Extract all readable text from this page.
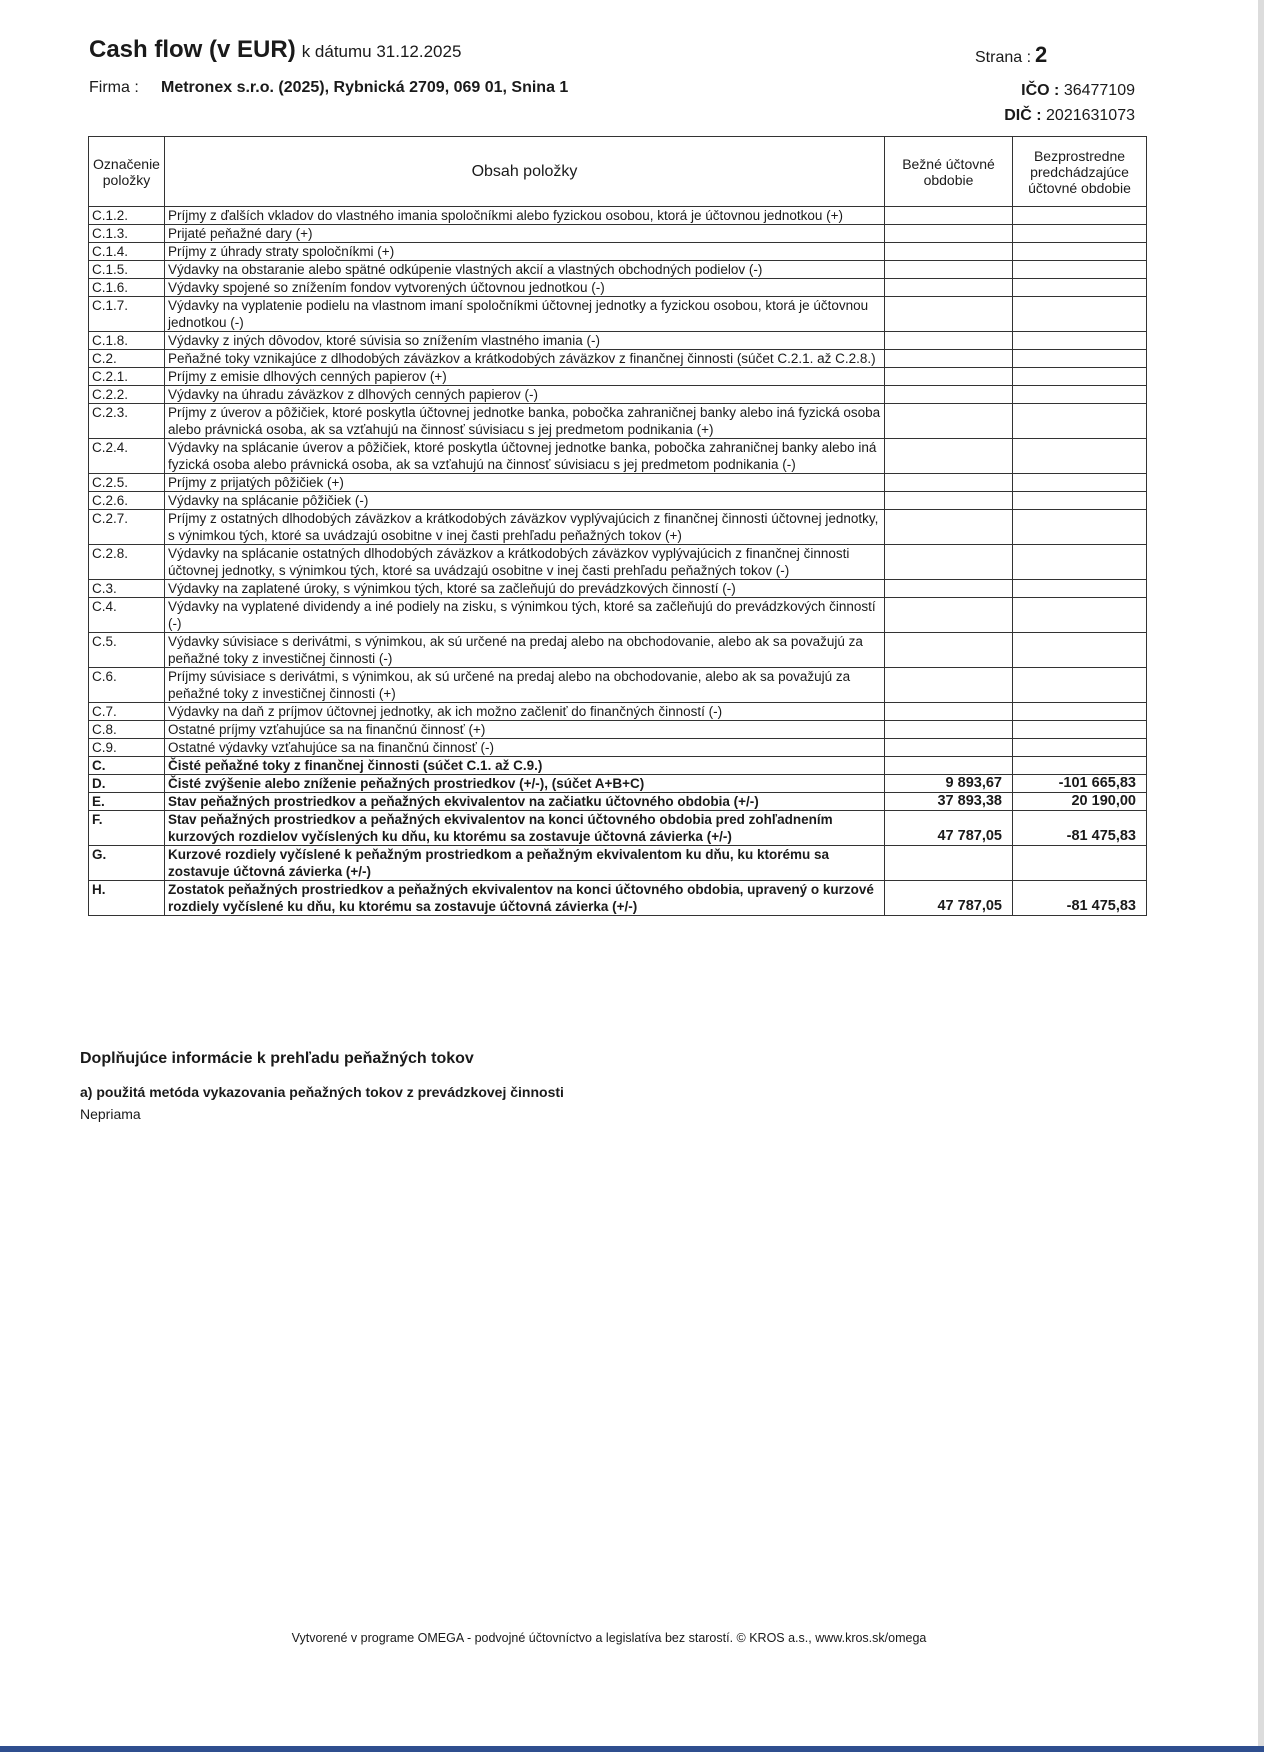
Cash flow (v EUR) k dátumu 31.12.2025
Firma : Metronex s.r.o. (2025), Rybnická 2709, 069 01, Snina 1
Strana : 2
IČO : 36477109
DIČ : 2021631073
Označenie položky	Obsah položky	Bežné účtovné obdobie	Bezprostredne predchádzajúce účtovné obdobie
C.1.2.	Príjmy z ďalších vkladov do vlastného imania spoločníkmi alebo fyzickou osobou, ktorá je účtovnou jednotkou (+)		
C.1.3.	Prijaté peňažné dary (+)		
C.1.4.	Príjmy z úhrady straty spoločníkmi (+)		
C.1.5.	Výdavky na obstaranie alebo spätné odkúpenie vlastných akcií a vlastných obchodných podielov (-)		
C.1.6.	Výdavky spojené so znížením fondov vytvorených účtovnou jednotkou (-)		
C.1.7.	Výdavky na vyplatenie podielu na vlastnom imaní spoločníkmi účtovnej jednotky a fyzickou osobou, ktorá je účtovnou jednotkou (-)		
C.1.8.	Výdavky z iných dôvodov, ktoré súvisia so znížením vlastného imania (-)		
C.2.	Peňažné toky vznikajúce z dlhodobých záväzkov a krátkodobých záväzkov z finančnej činnosti (súčet C.2.1. až C.2.8.)		
C.2.1.	Príjmy z emisie dlhových cenných papierov (+)		
C.2.2.	Výdavky na úhradu záväzkov z dlhových cenných papierov (-)		
C.2.3.	Príjmy z úverov a pôžičiek, ktoré poskytla účtovnej jednotke banka, pobočka zahraničnej banky alebo iná fyzická osoba alebo právnická osoba, ak sa vzťahujú na činnosť súvisiacu s jej predmetom podnikania (+)		
C.2.4.	Výdavky na splácanie úverov a pôžičiek, ktoré poskytla účtovnej jednotke banka, pobočka zahraničnej banky alebo iná fyzická osoba alebo právnická osoba, ak sa vzťahujú na činnosť súvisiacu s jej predmetom podnikania (-)		
C.2.5.	Príjmy z prijatých pôžičiek (+)		
C.2.6.	Výdavky na splácanie pôžičiek (-)		
C.2.7.	Príjmy z ostatných dlhodobých záväzkov a krátkodobých záväzkov vyplývajúcich z finančnej činnosti účtovnej jednotky, s výnimkou tých, ktoré sa uvádzajú osobitne v inej časti prehľadu peňažných tokov (+)		
C.2.8.	Výdavky na splácanie ostatných dlhodobých záväzkov a krátkodobých záväzkov vyplývajúcich z finančnej činnosti účtovnej jednotky, s výnimkou tých, ktoré sa uvádzajú osobitne v inej časti prehľadu peňažných tokov (-)		
C.3.	Výdavky na zaplatené úroky, s výnimkou tých, ktoré sa začleňujú do prevádzkových činností (-)		
C.4.	Výdavky na vyplatené dividendy a iné podiely na zisku, s výnimkou tých, ktoré sa začleňujú do prevádzkových činností (-)		
C.5.	Výdavky súvisiace s derivátmi, s výnimkou, ak sú určené na predaj alebo na obchodovanie, alebo ak sa považujú za peňažné toky z investičnej činnosti (-)		
C.6.	Príjmy súvisiace s derivátmi, s výnimkou, ak sú určené na predaj alebo na obchodovanie, alebo ak sa považujú za peňažné toky z investičnej činnosti (+)		
C.7.	Výdavky na daň z príjmov účtovnej jednotky, ak ich možno začleniť do finančných činností (-)		
C.8.	Ostatné príjmy vzťahujúce sa na finančnú činnosť (+)		
C.9.	Ostatné výdavky vzťahujúce sa na finančnú činnosť (-)		
C.	Čisté peňažné toky z finančnej činnosti (súčet C.1. až C.9.)		
D.	Čisté zvýšenie alebo zníženie peňažných prostriedkov (+/-), (súčet A+B+C)	9 893,67	-101 665,83
E.	Stav peňažných prostriedkov a peňažných ekvivalentov na začiatku účtovného obdobia (+/-)	37 893,38	20 190,00
F.	Stav peňažných prostriedkov a peňažných ekvivalentov na konci účtovného obdobia pred zohľadnením kurzových rozdielov vyčíslených ku dňu, ku ktorému sa zostavuje účtovná závierka (+/-)	47 787,05	-81 475,83
G.	Kurzové rozdiely vyčíslené k peňažným prostriedkom a peňažným ekvivalentom ku dňu, ku ktorému sa zostavuje účtovná závierka (+/-)		
H.	Zostatok peňažných prostriedkov a peňažných ekvivalentov na konci účtovného obdobia, upravený o kurzové rozdiely vyčíslené ku dňu, ku ktorému sa zostavuje účtovná závierka (+/-)	47 787,05	-81 475,83
Doplňujúce informácie k prehľadu peňažných tokov
a) použitá metóda vykazovania peňažných tokov z prevádzkovej činnosti
Nepriama
Vytvorené v programe OMEGA - podvojné účtovníctvo a legislatíva bez starostí. © KROS a.s., www.kros.sk/omega
